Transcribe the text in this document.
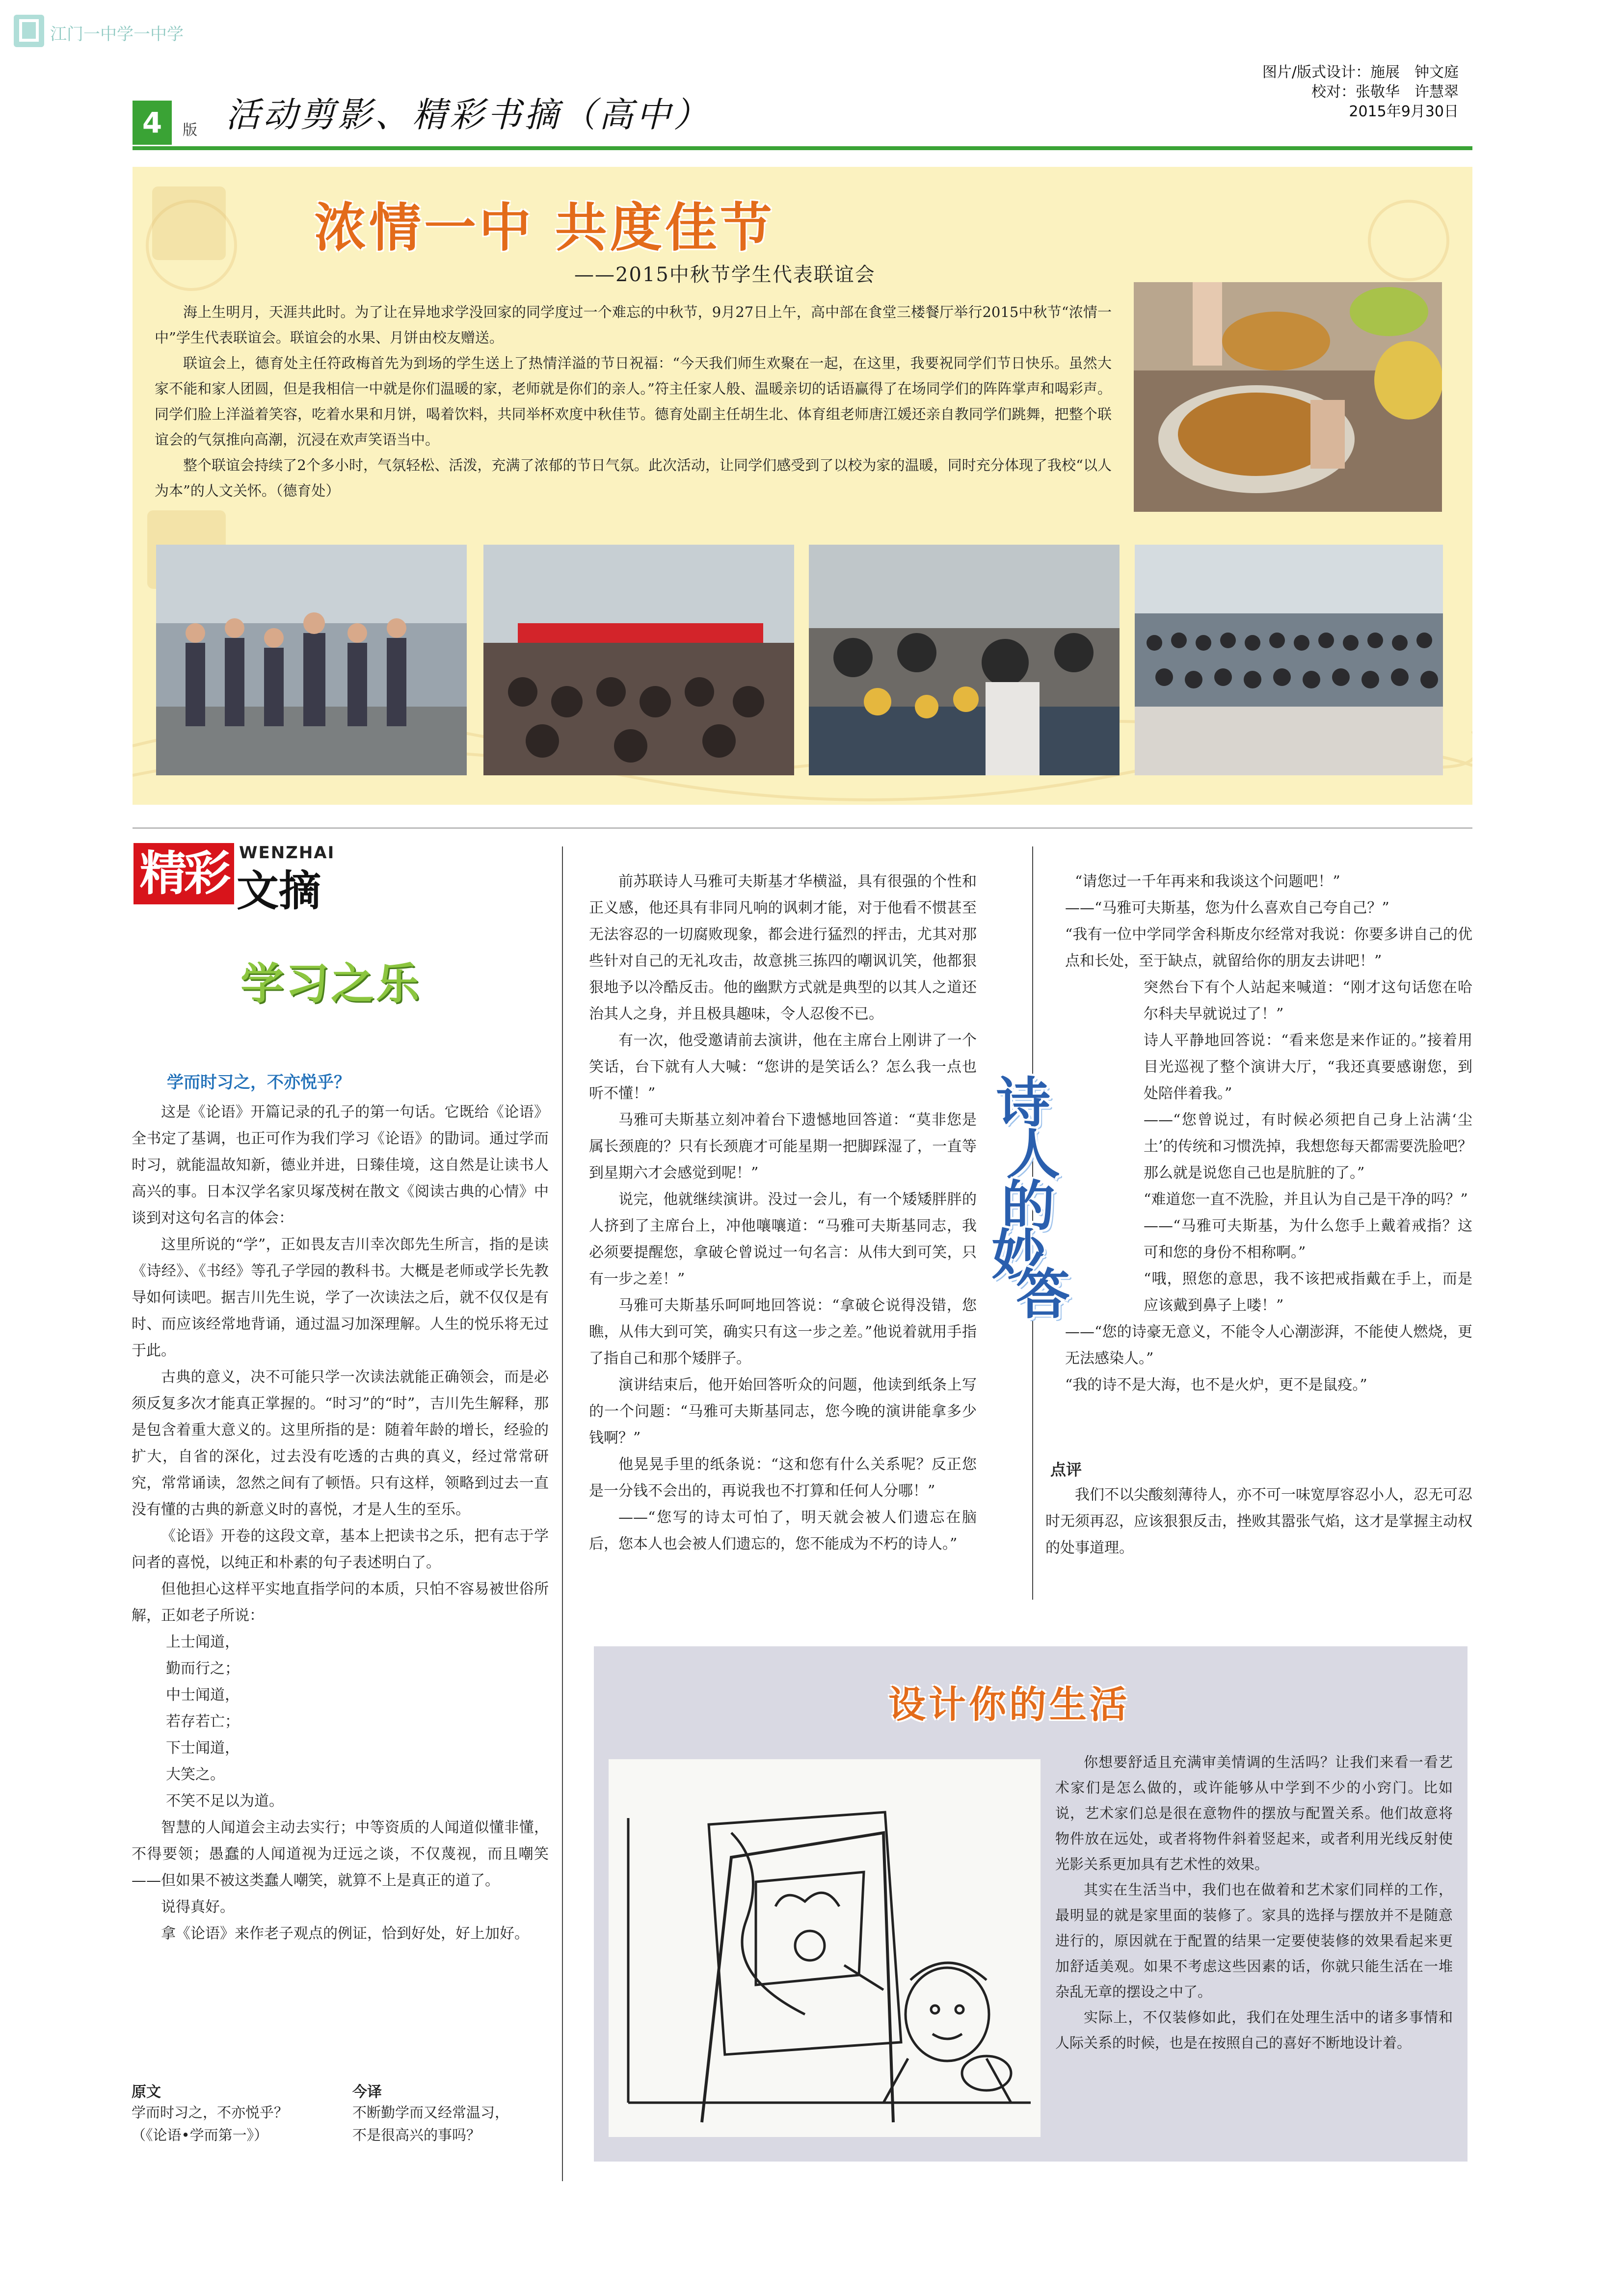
江门一中学一中学
4	版 活动剪影、精彩书摘（高中）
图片/版式设计：施展　钟文庭
校对：张敬华　许慧翠
2015年9月30日
浓情一中 共度佳节
——2015中秋节学生代表联谊会

海上生明月，天涯共此时。为了让在异地求学没回家的同学度过一个难忘的中秋节，9月27日上午，高中部在食堂三楼餐厅举行2015中秋节“浓情一中”学生代表联谊会。联谊会的水果、月饼由校友赠送。

联谊会上，德育处主任符政梅首先为到场的学生送上了热情洋溢的节日祝福：“今天我们师生欢聚在一起，在这里，我要祝同学们节日快乐。虽然大家不能和家人团圆，但是我相信一中就是你们温暖的家，老师就是你们的亲人。”符主任家人般、温暖亲切的话语赢得了在场同学们的阵阵掌声和喝彩声。同学们脸上洋溢着笑容，吃着水果和月饼，喝着饮料，共同举杯欢度中秋佳节。德育处副主任胡生北、体育组老师唐江媛还亲自教同学们跳舞，把整个联谊会的气氛推向高潮，沉浸在欢声笑语当中。

整个联谊会持续了2个多小时，气氛轻松、活泼，充满了浓郁的节日气氛。此次活动，让同学们感受到了以校为家的温暖，同时充分体现了我校“以人为本”的人文关怀。（德育处）

精彩 WENZHAI
文摘
学习之乐
学而时习之，不亦悦乎？

这是《论语》开篇记录的孔子的第一句话。它既给《论语》全书定了基调，也正可作为我们学习《论语》的勖词。通过学而时习，就能温故知新，德业并进，日臻佳境，这自然是让读书人高兴的事。日本汉学名家贝塚茂树在散文《阅读古典的心情》中谈到对这句名言的体会：

这里所说的“学”，正如畏友吉川幸次郎先生所言，指的是读《诗经》、《书经》等孔子学园的教科书。大概是老师或学长先教导如何读吧。据吉川先生说，学了一次读法之后，就不仅仅是有时、而应该经常地背诵，通过温习加深理解。人生的悦乐将无过于此。

古典的意义，决不可能只学一次读法就能正确领会，而是必须反复多次才能真正掌握的。“时习”的“时”，吉川先生解释，那是包含着重大意义的。这里所指的是：随着年龄的增长，经验的扩大，自省的深化，过去没有吃透的古典的真义，经过常常研究，常常诵读，忽然之间有了顿悟。只有这样，领略到过去一直没有懂的古典的新意义时的喜悦，才是人生的至乐。

《论语》开卷的这段文章，基本上把读书之乐，把有志于学问者的喜悦，以纯正和朴素的句子表述明白了。

但他担心这样平实地直指学问的本质，只怕不容易被世俗所解，正如老子所说：

上士闻道，
勤而行之；
中士闻道，
若存若亡；
下士闻道，
大笑之。
不笑不足以为道。

智慧的人闻道会主动去实行；中等资质的人闻道似懂非懂，不得要领；愚蠢的人闻道视为迂远之谈，不仅蔑视，而且嘲笑——但如果不被这类蠢人嘲笑，就算不上是真正的道了。

说得真好。

拿《论语》来作老子观点的例证，恰到好处，好上加好。

原文
学而时习之，不亦悦乎？
（《论语•学而第一》）
今译
不断勤学而又经常温习，
不是很高兴的事吗？

前苏联诗人马雅可夫斯基才华横溢，具有很强的个性和正义感，他还具有非同凡响的讽刺才能，对于他看不惯甚至无法容忍的一切腐败现象，都会进行猛烈的抨击，尤其对那些针对自己的无礼攻击，故意挑三拣四的嘲讽讥笑，他都狠狠地予以冷酷反击。他的幽默方式就是典型的以其人之道还治其人之身，并且极具趣味，令人忍俊不已。

有一次，他受邀请前去演讲，他在主席台上刚讲了一个笑话，台下就有人大喊：“您讲的是笑话么？怎么我一点也听不懂！”

马雅可夫斯基立刻冲着台下遗憾地回答道：“莫非您是属长颈鹿的？只有长颈鹿才可能星期一把脚踩湿了，一直等到星期六才会感觉到呢！”

说完，他就继续演讲。没过一会儿，有一个矮矮胖胖的人挤到了主席台上，冲他嚷嚷道：“马雅可夫斯基同志，我必须要提醒您，拿破仑曾说过一句名言：从伟大到可笑，只有一步之差！”

马雅可夫斯基乐呵呵地回答说：“拿破仑说得没错，您瞧，从伟大到可笑，确实只有这一步之差。”他说着就用手指了指自己和那个矮胖子。

演讲结束后，他开始回答听众的问题，他读到纸条上写的一个问题：“马雅可夫斯基同志，您今晚的演讲能拿多少钱啊？”

他晃晃手里的纸条说：“这和您有什么关系呢？反正您是一分钱不会出的，再说我也不打算和任何人分哪！”

——“您写的诗太可怕了，明天就会被人们遗忘在脑后，您本人也会被人们遗忘的，您不能成为不朽的诗人。”

诗
人
的
妙
答

“请您过一千年再来和我谈这个问题吧！”

——“马雅可夫斯基，您为什么喜欢自己夸自己？”

“我有一位中学同学舍科斯皮尔经常对我说：你要多讲自己的优点和长处，至于缺点，就留给你的朋友去讲吧！”

突然台下有个人站起来喊道：“刚才这句话您在哈尔科夫早就说过了！”

诗人平静地回答说：“看来您是来作证的。”接着用目光巡视了整个演讲大厅，“我还真要感谢您，到处陪伴着我。”

——“您曾说过，有时候必须把自己身上沾满‘尘土’的传统和习惯洗掉，我想您每天都需要洗脸吧？那么就是说您自己也是肮脏的了。”

“难道您一直不洗脸，并且认为自己是干净的吗？”

——“马雅可夫斯基，为什么您手上戴着戒指？这可和您的身份不相称啊。”

“哦，照您的意思，我不该把戒指戴在手上，而是应该戴到鼻子上喽！”

——“您的诗豪无意义，不能令人心潮澎湃，不能使人燃烧，更无法感染人。”

“我的诗不是大海，也不是火炉，更不是鼠疫。”

点评

我们不以尖酸刻薄待人，亦不可一味宽厚容忍小人，忍无可忍时无须再忍，应该狠狠反击，挫败其嚣张气焰，这才是掌握主动权的处事道理。

设计你的生活

你想要舒适且充满审美情调的生活吗？让我们来看一看艺术家们是怎么做的，或许能够从中学到不少的小窍门。比如说，艺术家们总是很在意物件的摆放与配置关系。他们故意将物件放在远处，或者将物件斜着竖起来，或者利用光线反射使光影关系更加具有艺术性的效果。

其实在生活当中，我们也在做着和艺术家们同样的工作，最明显的就是家里面的装修了。家具的选择与摆放并不是随意进行的，原因就在于配置的结果一定要使装修的效果看起来更加舒适美观。如果不考虑这些因素的话，你就只能生活在一堆杂乱无章的摆设之中了。

实际上，不仅装修如此，我们在处理生活中的诸多事情和人际关系的时候，也是在按照自己的喜好不断地设计着。
